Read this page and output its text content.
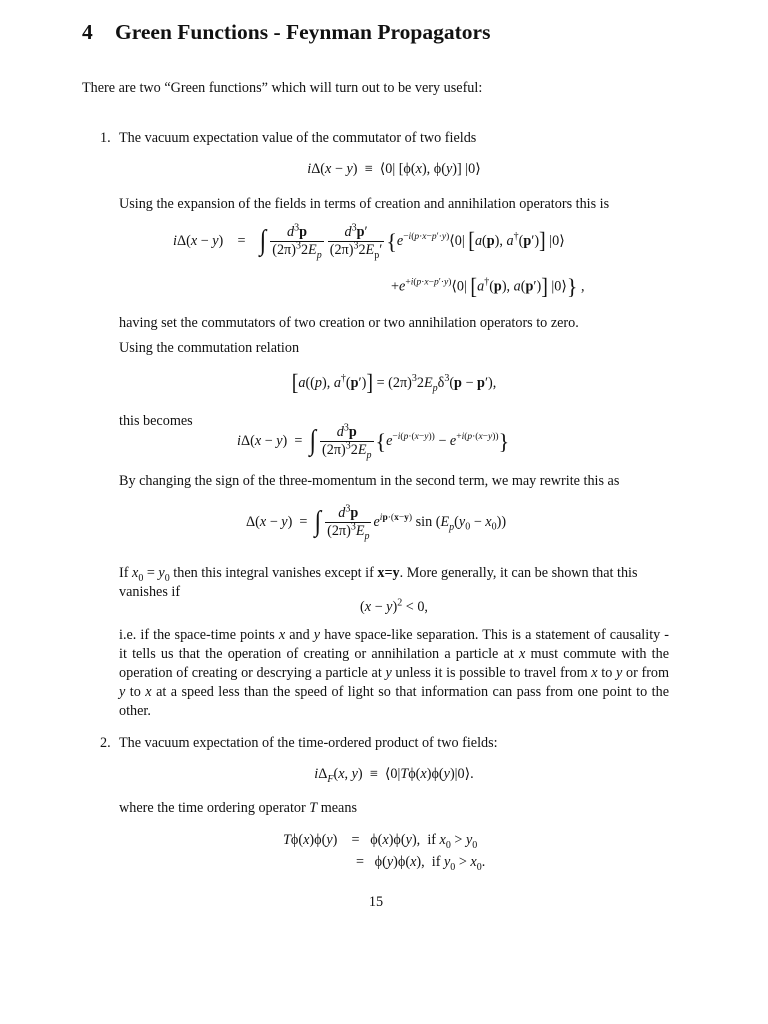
4 Green Functions - Feynman Propagators
There are two “Green functions” which will turn out to be very useful:
1. The vacuum expectation value of the commutator of two fields
iΔ(x − y)  ≡  ⟨0| [ϕ(x), ϕ(y)] |0⟩
Using the expansion of the fields in terms of creation and annihilation operators this is
iΔ(x − y)    =    ∫ $\frac{d^3p}{(2\pi)^32E_p} \frac{d^3p'}{(2\pi)^32E_p'}$ {$e^{-i(p\cdot x-p'\cdot y)}⟨0|$ [a(p), a†(p′)] |0⟩
$+e^{+i(p\cdot x-p'\cdot y)}⟨0|$ [a†(p), a(p′)] |0⟩} ,
having set the commutators of two creation or two annihilation operators to zero.
Using the commutation relation
[a((p), $a^\dagger(p')] = (2\pi)^32E_p\delta^3(p - p')$,
this becomes
iΔ(x − y)  =  ∫ $\frac{d^3p}{(2\pi)^32E_p} \{e^{-i(p\cdot(x-y))} - e^{+i(p\cdot(x-y))}\}$
By changing the sign of the three-momentum in the second term, we may rewrite this as
Δ(x − y)  =  ∫ $\frac{d^3p}{(2\pi)^3E_p} e^{ip\cdot(x-y)}$ $\sin (E_p(y_0 - x_0))$
If $x_0 = y_0$ then this integral vanishes except if x=y. More generally, it can be shown that this vanishes if
$(x - y)^2 < 0$,
i.e. if the space-time points x and y have space-like separation. This is a statement of causality - it tells us that the operation of creating or annihilation a particle at x must commute with the operation of creating or descrying a particle at y unless it is possible to travel from x to y or from y to x at a speed less than the speed of light so that information can pass from one point to the other.
2. The vacuum expectation of the time-ordered product of two fields:
$i\Delta_F(x$, y)  ≡  ⟨0|Tϕ(x)ϕ(y)|0⟩.
where the time ordering operator T means
Tϕ(x)ϕ(y)    =   ϕ(x)ϕ(y),  if $x_0 > y_0$
=   ϕ(y)ϕ(x),  if $y_0 > x_0$.
15
